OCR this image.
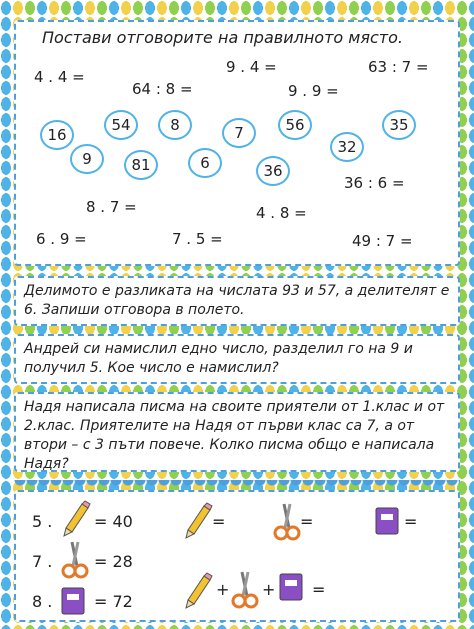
Постави отговорите на правилното място.
4 . 4 =
64 : 8 =
9 . 4 =	63 : 7 =
9 . 9 =
16
54	8	7	56	35
9	81	6	36
32
8 . 7 =
36 : 6 =
4 . 8 =
6 . 9 =	7 . 5 =	49 : 7 =
Делимото е разликата на числата 93 и 57, а делителят е 6. Запиши отговора в полето.
Андрей си намислил едно число, разделил го на 9 и получил 5. Кое число е намислил?
Надя написала писма на своите приятели от 1.клас и от 2.клас. Приятелите на Надя от първи клас са 7, а от втори – с 3 пъти повече. Колко писма общо е написала Надя?
5 .	= 40
7 .	= 28
8 .	= 72
=	=	=
+ + =
